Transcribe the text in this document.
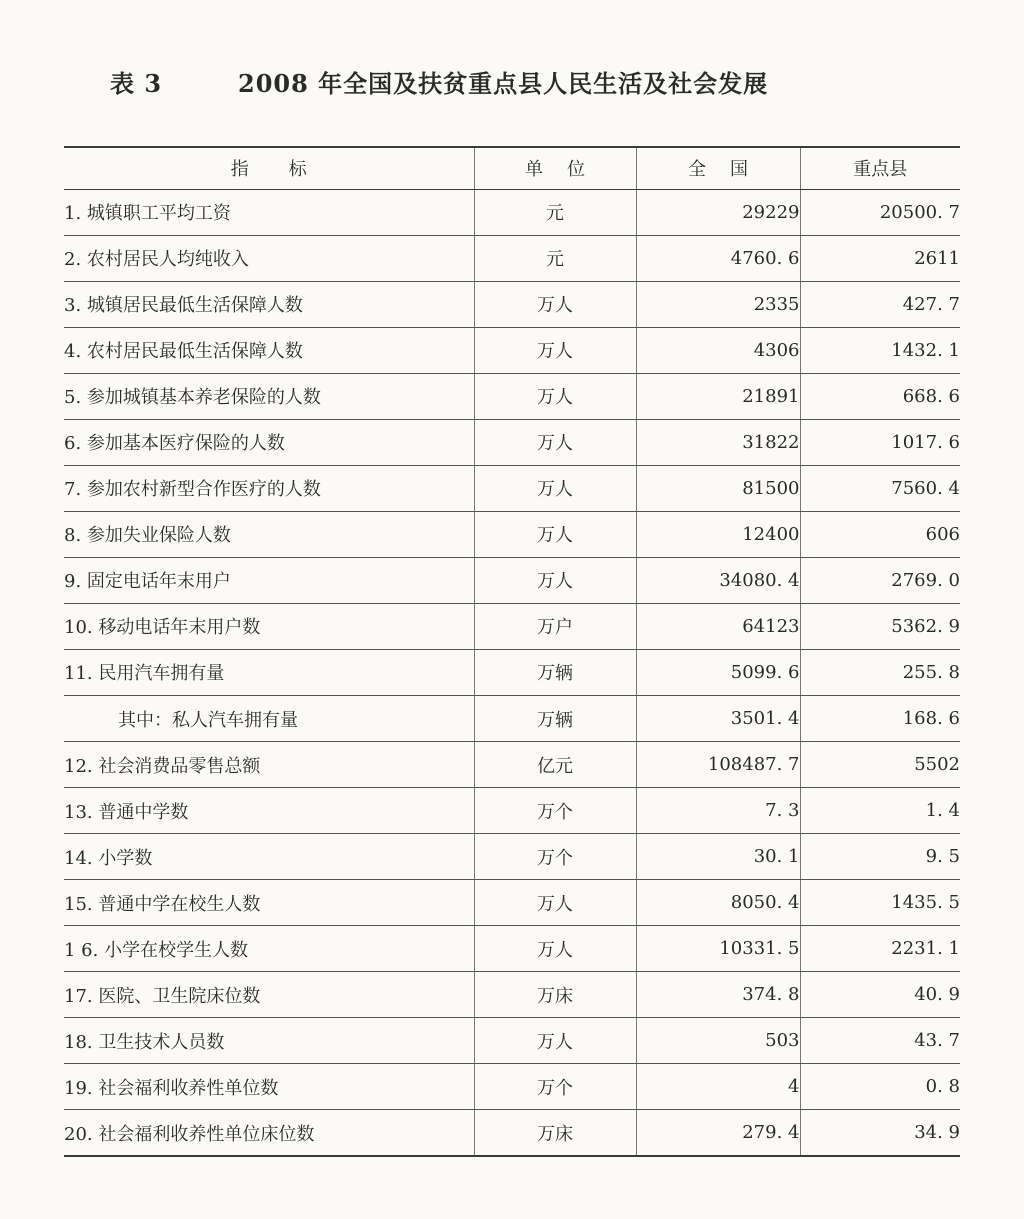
表 3	2008 年全国及扶贫重点县人民生活及社会发展
指标	单位	全国	重点县
1. 城镇职工平均工资	元	29229	20500. 7
2. 农村居民人均纯收入	元	4760. 6	2611
3. 城镇居民最低生活保障人数	万人	2335	427. 7
4. 农村居民最低生活保障人数	万人	4306	1432. 1
5. 参加城镇基本养老保险的人数	万人	21891	668. 6
6. 参加基本医疗保险的人数	万人	31822	1017. 6
7. 参加农村新型合作医疗的人数	万人	81500	7560. 4
8. 参加失业保险人数	万人	12400	606
9. 固定电话年末用户	万人	34080. 4	2769. 0
10. 移动电话年末用户数	万户	64123	5362. 9
11. 民用汽车拥有量	万辆	5099. 6	255. 8
其中：私人汽车拥有量	万辆	3501. 4	168. 6
12. 社会消费品零售总额	亿元	108487. 7	5502
13. 普通中学数	万个	7. 3	1. 4
14. 小学数	万个	30. 1	9. 5
15. 普通中学在校生人数	万人	8050. 4	1435. 5
1 6. 小学在校学生人数	万人	10331. 5	2231. 1
17. 医院、卫生院床位数	万床	374. 8	40. 9
18. 卫生技术人员数	万人	503	43. 7
19. 社会福利收养性单位数	万个	4	0. 8
20. 社会福利收养性单位床位数	万床	279. 4	34. 9
